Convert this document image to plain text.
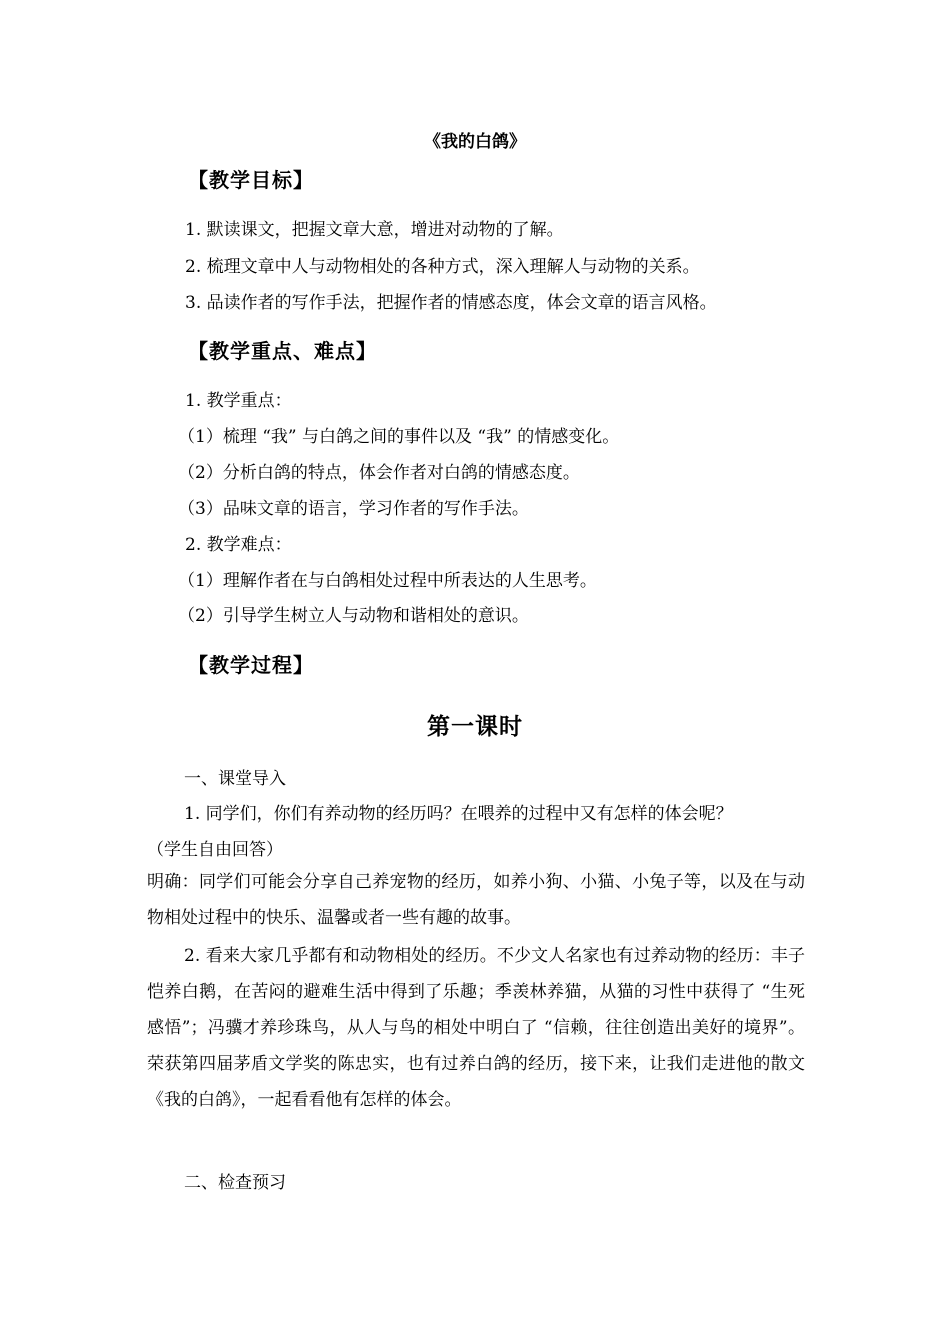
《我的白鸽》
【教学目标】
1. 默读课文，把握文章大意，增进对动物的了解。
2. 梳理文章中人与动物相处的各种方式，深入理解人与动物的关系。
3. 品读作者的写作手法，把握作者的情感态度，体会文章的语言风格。
【教学重点、难点】
1. 教学重点：
（1）梳理 “我” 与白鸽之间的事件以及 “我” 的情感变化。
（2）分析白鸽的特点，体会作者对白鸽的情感态度。
（3）品味文章的语言，学习作者的写作手法。
2. 教学难点：
（1）理解作者在与白鸽相处过程中所表达的人生思考。
（2）引导学生树立人与动物和谐相处的意识。
【教学过程】
第一课时
一、课堂导入
1. 同学们，你们有养动物的经历吗？在喂养的过程中又有怎样的体会呢？
（学生自由回答）

明确：同学们可能会分享自己养宠物的经历，如养小狗、小猫、小兔子等，以及在与动物相处过程中的快乐、温馨或者一些有趣的故事。

2. 看来大家几乎都有和动物相处的经历。不少文人名家也有过养动物的经历：丰子恺养白鹅，在苦闷的避难生活中得到了乐趣；季羡林养猫，从猫的习性中获得了 “生死感悟”；冯骥才养珍珠鸟，从人与鸟的相处中明白了 “信赖，往往创造出美好的境界”。荣获第四届茅盾文学奖的陈忠实，也有过养白鸽的经历，接下来，让我们走进他的散文《我的白鸽》，一起看看他有怎样的体会。

二、检查预习
